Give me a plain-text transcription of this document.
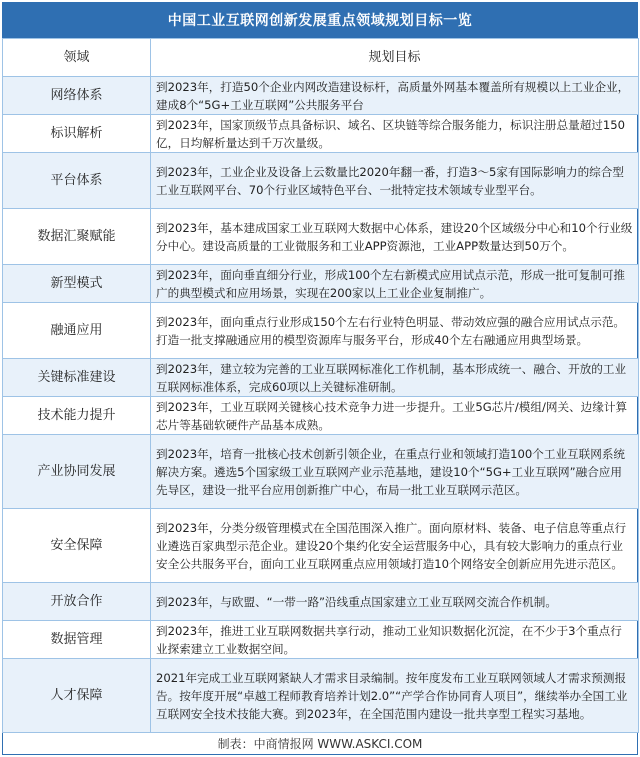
中国工业互联网创新发展重点领域规划目标一览
领域	规划目标
网络体系	到2023年，打造50个企业内网改造建设标杆，高质量外网基本覆盖所有规模以上工业企业，建成8个“5G+工业互联网”公共服务平台
标识解析	到2023年，国家顶级节点具备标识、域名、区块链等综合服务能力，标识注册总量超过150亿，日均解析量达到千万次量级。
平台体系	到2023年，工业企业及设备上云数量比2020年翻一番，打造3～5家有国际影响力的综合型工业互联网平台、70个行业区域特色平台、一批特定技术领域专业型平台。
数据汇聚赋能	到2023年，基本建成国家工业互联网大数据中心体系，建设20个区域级分中心和10个行业级分中心。建设高质量的工业微服务和工业APP资源池，工业APP数量达到50万个。
新型模式	到2023年，面向垂直细分行业，形成100个左右新模式应用试点示范，形成一批可复制可推广的典型模式和应用场景，实现在200家以上工业企业复制推广。
融通应用	到2023年，面向重点行业形成150个左右行业特色明显、带动效应强的融合应用试点示范。打造一批支撑融通应用的模型资源库与服务平台，形成40个左右融通应用典型场景。
关键标准建设	到2023年，建立较为完善的工业互联网标准化工作机制，基本形成统一、融合、开放的工业互联网标准体系，完成60项以上关键标准研制。
技术能力提升	到2023年，工业互联网关键核心技术竞争力进一步提升。工业5G芯片/模组/网关、边缘计算芯片等基础软硬件产品基本成熟。
产业协同发展	到2023年，培育一批核心技术创新引领企业，在重点行业和领域打造100个工业互联网系统解决方案。遴选5个国家级工业互联网产业示范基地，建设10个“5G+工业互联网”融合应用先导区，建设一批平台应用创新推广中心，布局一批工业互联网示范区。
安全保障	到2023年，分类分级管理模式在全国范围深入推广。面向原材料、装备、电子信息等重点行业遴选百家典型示范企业。建设20个集约化安全运营服务中心，具有较大影响力的重点行业安全公共服务平台，面向工业互联网重点应用领域打造10个网络安全创新应用先进示范区。
开放合作	到2023年，与欧盟、“一带一路”沿线重点国家建立工业互联网交流合作机制。
数据管理	到2023年，推进工业互联网数据共享行动，推动工业知识数据化沉淀，在不少于3个重点行业探索建立工业数据空间。
人才保障	2021年完成工业互联网紧缺人才需求目录编制。按年度发布工业互联网领域人才需求预测报告。按年度开展“卓越工程师教育培养计划2.0”“产学合作协同育人项目”，继续举办全国工业互联网安全技术技能大赛。到2023年，在全国范围内建设一批共享型工程实习基地。
制表：中商情报网 WWW.ASKCI.COM
